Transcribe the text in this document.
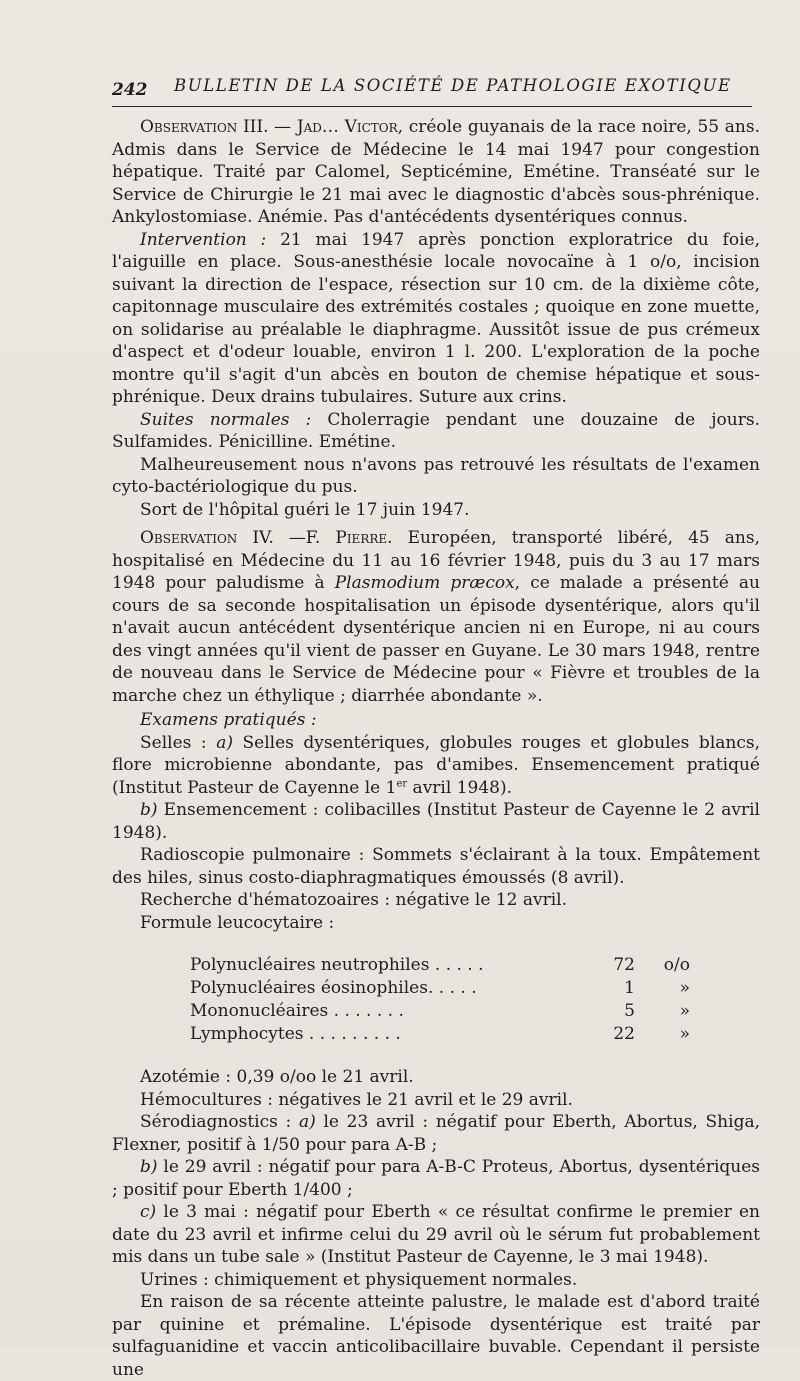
242 BULLETIN DE LA SOCIÉTÉ DE PATHOLOGIE EXOTIQUE

Observation III. — Jad… Victor, créole guyanais de la race noire, 55 ans. Admis dans le Service de Médecine le 14 mai 1947 pour congestion hépatique. Traité par Calomel, Septicémine, Emétine. Transéaté sur le Service de Chirurgie le 21 mai avec le diagnostic d'abcès sous-phrénique. Ankylostomiase. Anémie. Pas d'antécédents dysentériques connus.

Intervention : 21 mai 1947 après ponction exploratrice du foie, l'aiguille en place. Sous-anesthésie locale novocaïne à 1 o/o, incision suivant la direction de l'espace, résection sur 10 cm. de la dixième côte, capitonnage musculaire des extrémités costales ; quoique en zone muette, on solidarise au préalable le diaphragme. Aussitôt issue de pus crémeux d'aspect et d'odeur louable, environ 1 l. 200. L'exploration de la poche montre qu'il s'agit d'un abcès en bouton de chemise hépatique et sous-phrénique. Deux drains tubulaires. Suture aux crins.

Suites normales : Cholerragie pendant une douzaine de jours. Sulfamides. Pénicilline. Emétine.

Malheureusement nous n'avons pas retrouvé les résultats de l'examen cyto-bactériologique du pus.

Sort de l'hôpital guéri le 17 juin 1947.

Observation IV. —F. Pierre. Européen, transporté libéré, 45 ans, hospitalisé en Médecine du 11 au 16 février 1948, puis du 3 au 17 mars 1948 pour paludisme à Plasmodium præcox, ce malade a présenté au cours de sa seconde hospitalisation un épisode dysentérique, alors qu'il n'avait aucun antécédent dysentérique ancien ni en Europe, ni au cours des vingt années qu'il vient de passer en Guyane. Le 30 mars 1948, rentre de nouveau dans le Service de Médecine pour « Fièvre et troubles de la marche chez un éthylique ; diarrhée abondante ».

Examens pratiqués :

Selles : a) Selles dysentériques, globules rouges et globules blancs, flore microbienne abondante, pas d'amibes. Ensemencement pratiqué (Institut Pasteur de Cayenne le 1er avril 1948).

b) Ensemencement : colibacilles (Institut Pasteur de Cayenne le 2 avril 1948).

Radioscopie pulmonaire : Sommets s'éclairant à la toux. Empâtement des hiles, sinus costo-diaphragmatiques émoussés (8 avril).

Recherche d'hématozoaires : négative le 12 avril.

Formule leucocytaire :

Polynucléaires neutrophiles . . . . .	72	o/o
Polynucléaires éosinophiles. . . . .	1	»
Mononucléaires . . . . . . .	5	»
Lymphocytes . . . . . . . . .	22	»

Azotémie : 0,39 o/oo le 21 avril.

Hémocultures : négatives le 21 avril et le 29 avril.

Sérodiagnostics : a) le 23 avril : négatif pour Eberth, Abortus, Shiga, Flexner, positif à 1/50 pour para A-B ;

b) le 29 avril : négatif pour para A-B-C Proteus, Abortus, dysentériques ; positif pour Eberth 1/400 ;

c) le 3 mai : négatif pour Eberth « ce résultat confirme le premier en date du 23 avril et infirme celui du 29 avril où le sérum fut probablement mis dans un tube sale » (Institut Pasteur de Cayenne, le 3 mai 1948).

Urines : chimiquement et physiquement normales.

En raison de sa récente atteinte palustre, le malade est d'abord traité par quinine et prémaline. L'épisode dysentérique est traité par sulfaguanidine et vaccin anticolibacillaire buvable. Cependant il persiste une
